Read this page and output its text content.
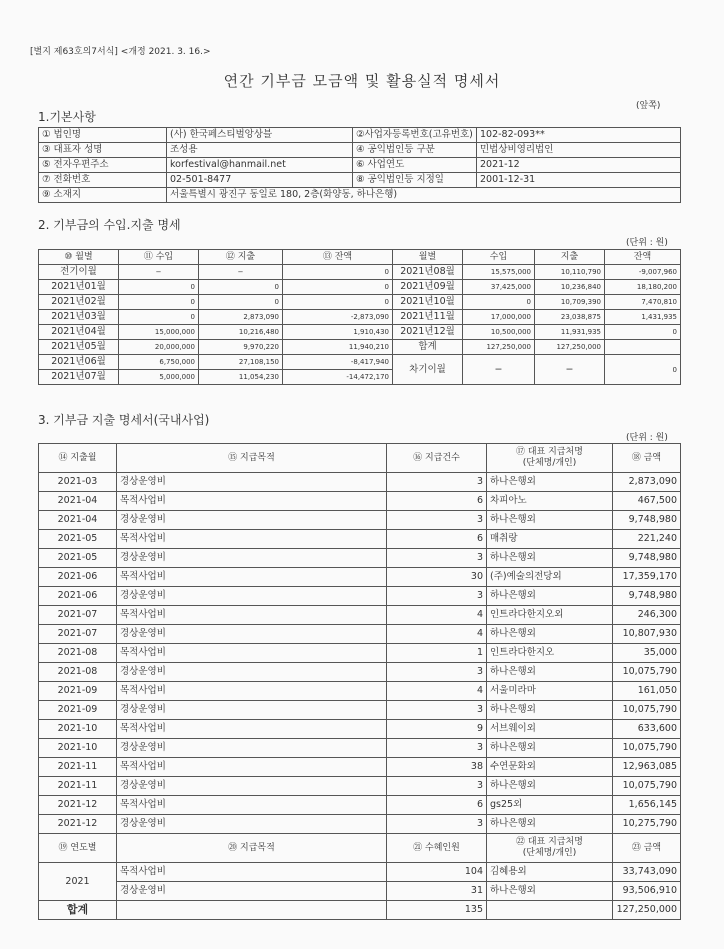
[별지 제63호의7서식] <개정 2021. 3. 16.>
연간 기부금 모금액 및 활용실적 명세서
(앞쪽)
1.기본사항
① 법인명	(사) 한국페스티벌앙상블	②사업자등록번호(고유번호)	102-82-093**
③ 대표자 성명	조성용	④ 공익법인등 구분	민법상비영리법인
⑤ 전자우편주소	korfestival@hanmail.net	⑥ 사업연도	2021-12
⑦ 전화번호	02-501-8477	⑧ 공익법인등 지정일	2001-12-31
⑨ 소재지	서울특별시 광진구 동일로 180, 2층(화양동, 하나은행)		
2. 기부금의 수입.지출 명세
(단위 : 원)
⑩ 월별	⑪ 수입	⑫ 지출	⑬ 잔액	월별	수입	지출	잔액
전기이월	−	−	0	2021년08월	15,575,000	10,110,790	-9,007,960
2021년01월	0	0	0	2021년09월	37,425,000	10,236,840	18,180,200
2021년02월	0	0	0	2021년10월	0	10,709,390	7,470,810
2021년03월	0	2,873,090	-2,873,090	2021년11월	17,000,000	23,038,875	1,431,935
2021년04월	15,000,000	10,216,480	1,910,430	2021년12월	10,500,000	11,931,935	0
2021년05월	20,000,000	9,970,220	11,940,210	합계	127,250,000	127,250,000	
2021년06월	6,750,000	27,108,150	-8,417,940	차기이월	−	−	0
2021년07월	5,000,000	11,054,230	-14,472,170				
3. 기부금 지출 명세서(국내사업)
(단위 : 원)
⑭ 지출월	⑮ 지급목적	⑯ 지급건수	⑰ 대표 지급처명
(단체명/개인)	⑱ 금액
2021-03	경상운영비	3	하나은행외	2,873,090
2021-04	목적사업비	6	차피아노	467,500
2021-04	경상운영비	3	하나은행외	9,748,980
2021-05	목적사업비	6	매취랑	221,240
2021-05	경상운영비	3	하나은행외	9,748,980
2021-06	목적사업비	30	(주)예술의전당외	17,359,170
2021-06	경상운영비	3	하나은행외	9,748,980
2021-07	목적사업비	4	인트라다한지오외	246,300
2021-07	경상운영비	4	하나은행외	10,807,930
2021-08	목적사업비	1	인트라다한지오	35,000
2021-08	경상운영비	3	하나은행외	10,075,790
2021-09	목적사업비	4	서울미라마	161,050
2021-09	경상운영비	3	하나은행외	10,075,790
2021-10	목적사업비	9	서브웨이외	633,600
2021-10	경상운영비	3	하나은행외	10,075,790
2021-11	목적사업비	38	수연문화외	12,963,085
2021-11	경상운영비	3	하나은행외	10,075,790
2021-12	목적사업비	6	gs25외	1,656,145
2021-12	경상운영비	3	하나은행외	10,275,790
⑲ 연도별	⑳ 지급목적	㉑ 수혜인원	㉒ 대표 지급처명
(단체명/개인)	㉓ 금액
2021	목적사업비	104	김혜용외	33,743,090
	경상운영비	31	하나은행외	93,506,910
합계		135		127,250,000
